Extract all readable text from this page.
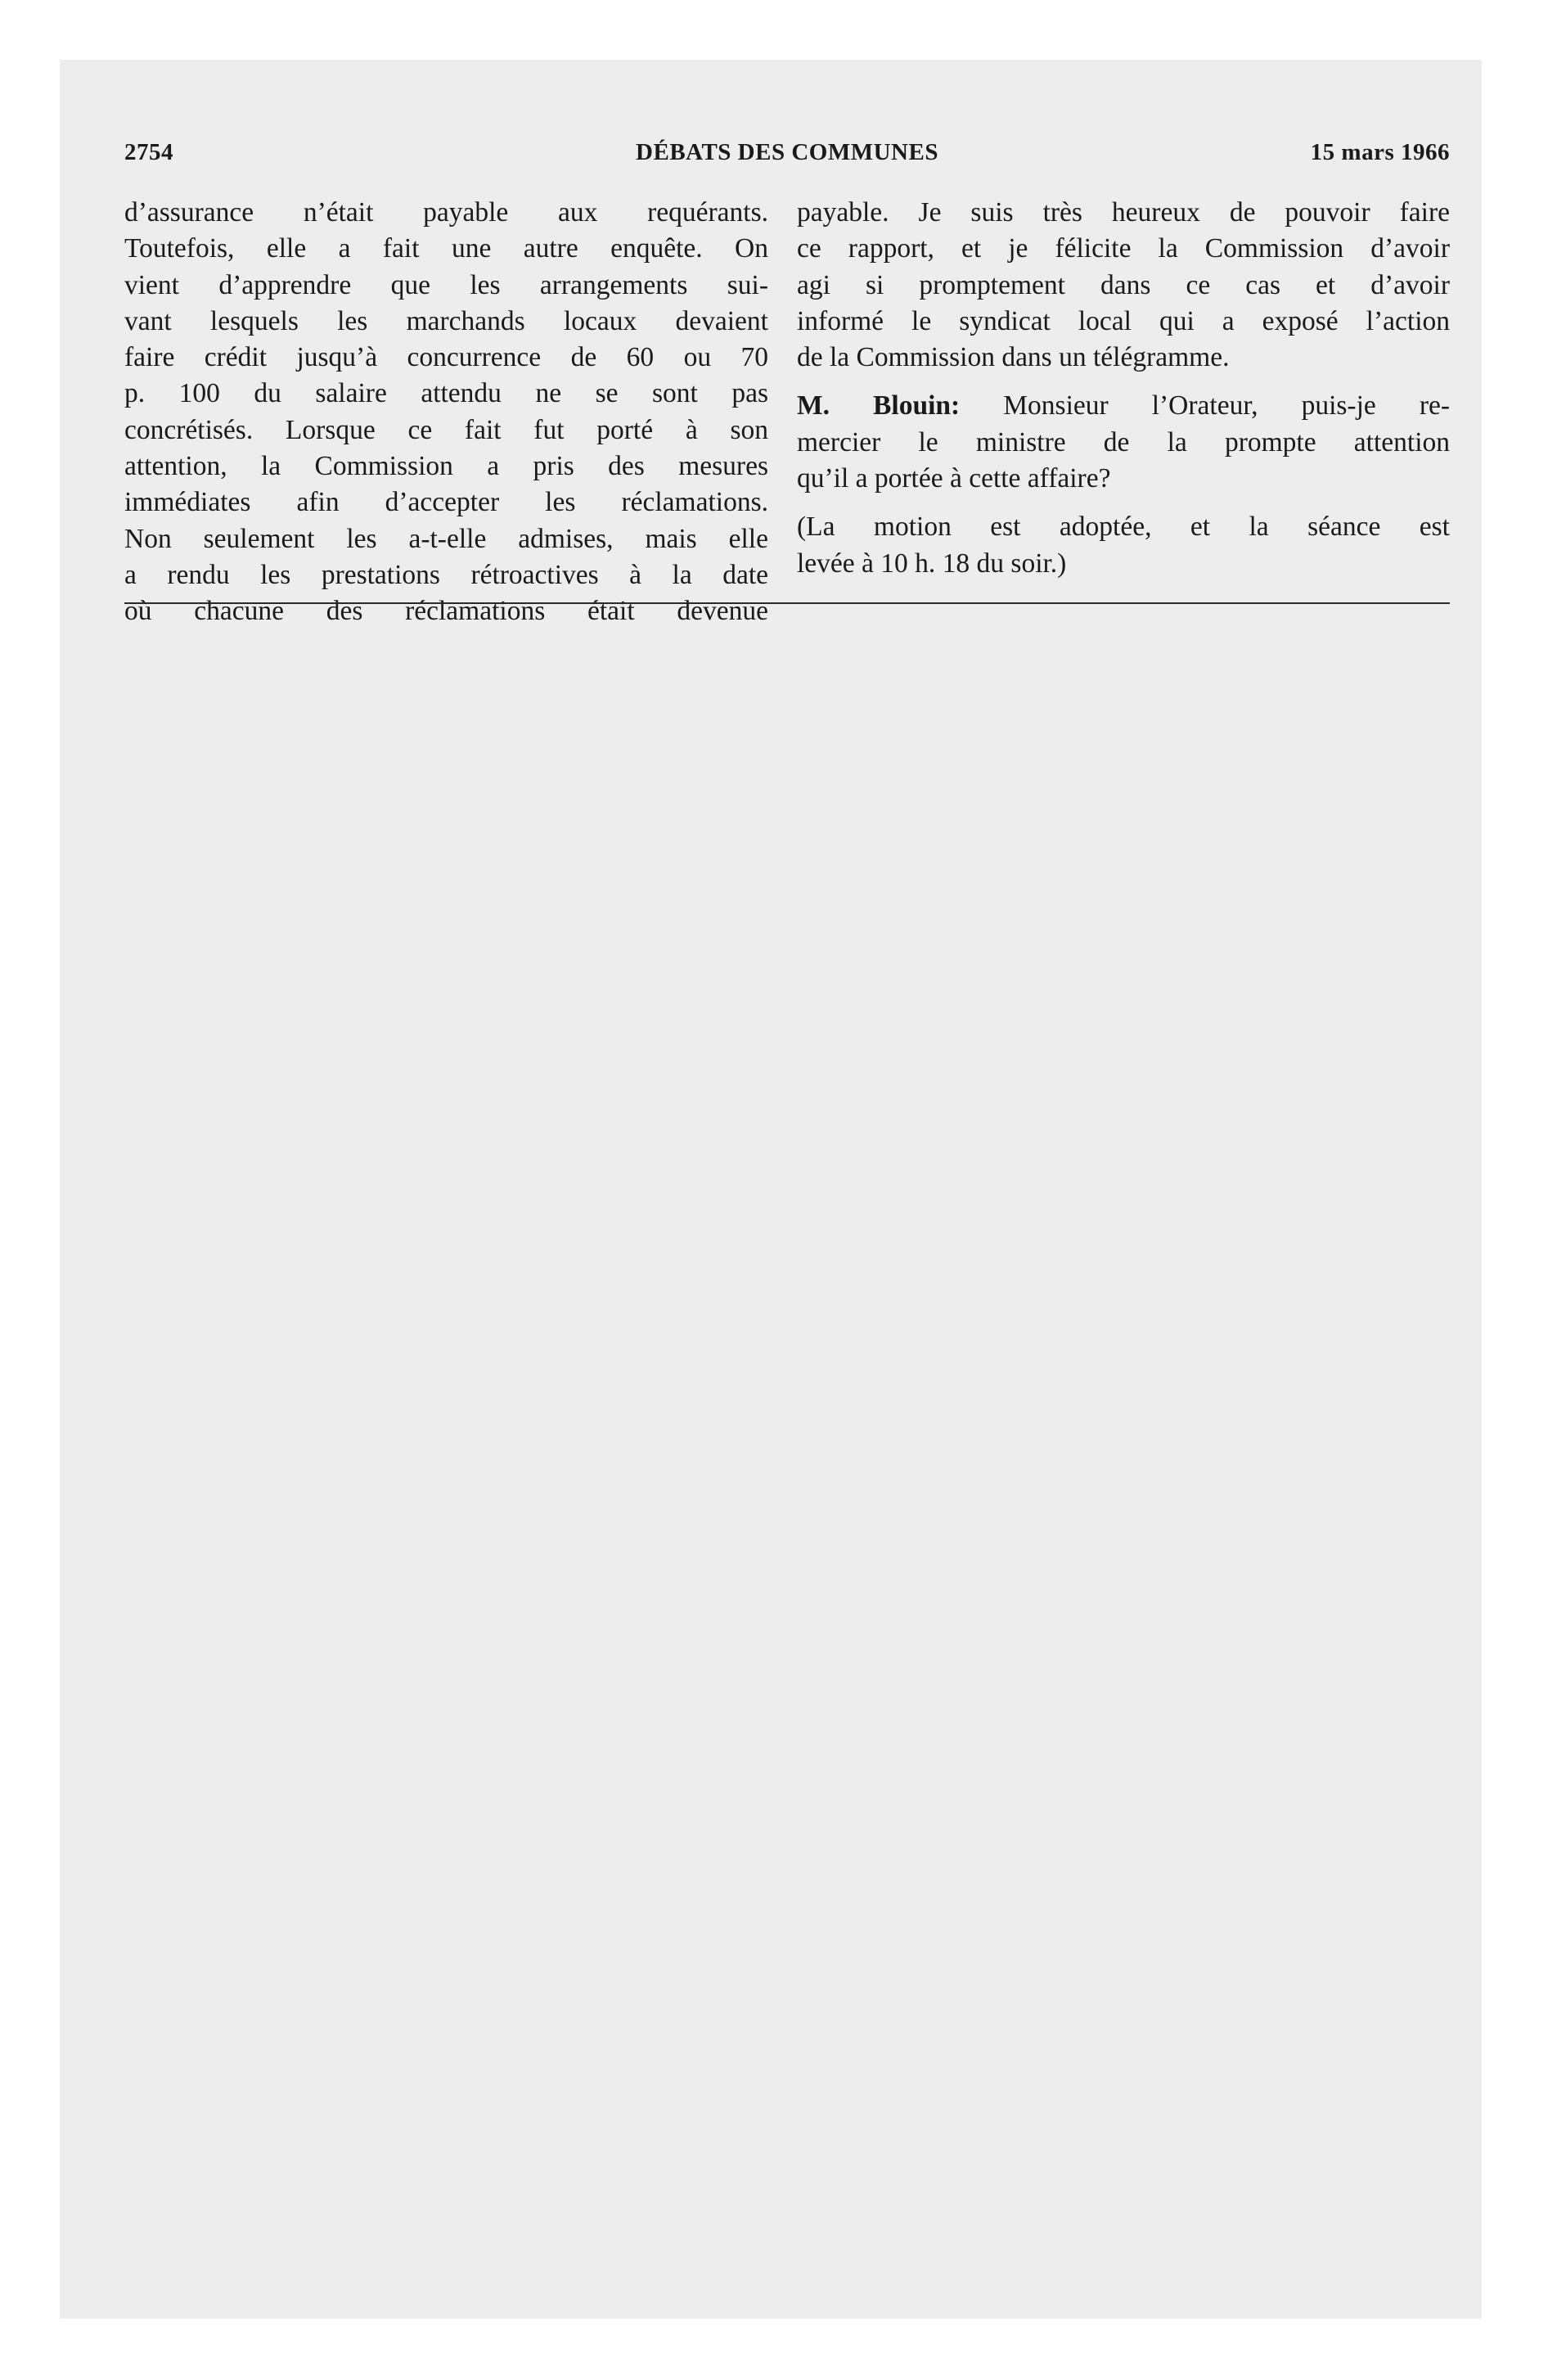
2754	DÉBATS DES COMMUNES	15 mars 1966

d’assurance n’était payable aux requérants.

Toutefois, elle a fait une autre enquête. On

vient d’apprendre que les arrangements sui-

vant lesquels les marchands locaux devaient

faire crédit jusqu’à concurrence de 60 ou 70

p. 100 du salaire attendu ne se sont pas

concrétisés. Lorsque ce fait fut porté à son

attention, la Commission a pris des mesures

immédiates afin d’accepter les réclamations.

Non seulement les a-t-elle admises, mais elle

a rendu les prestations rétroactives à la date

où chacune des réclamations était devenue

payable. Je suis très heureux de pouvoir faire

ce rapport, et je félicite la Commission d’avoir

agi si promptement dans ce cas et d’avoir

informé le syndicat local qui a exposé l’action

de la Commission dans un télégramme.

M. Blouin: Monsieur l’Orateur, puis-je re-

mercier le ministre de la prompte attention

qu’il a portée à cette affaire?

(La motion est adoptée, et la séance est

levée à 10 h. 18 du soir.)
